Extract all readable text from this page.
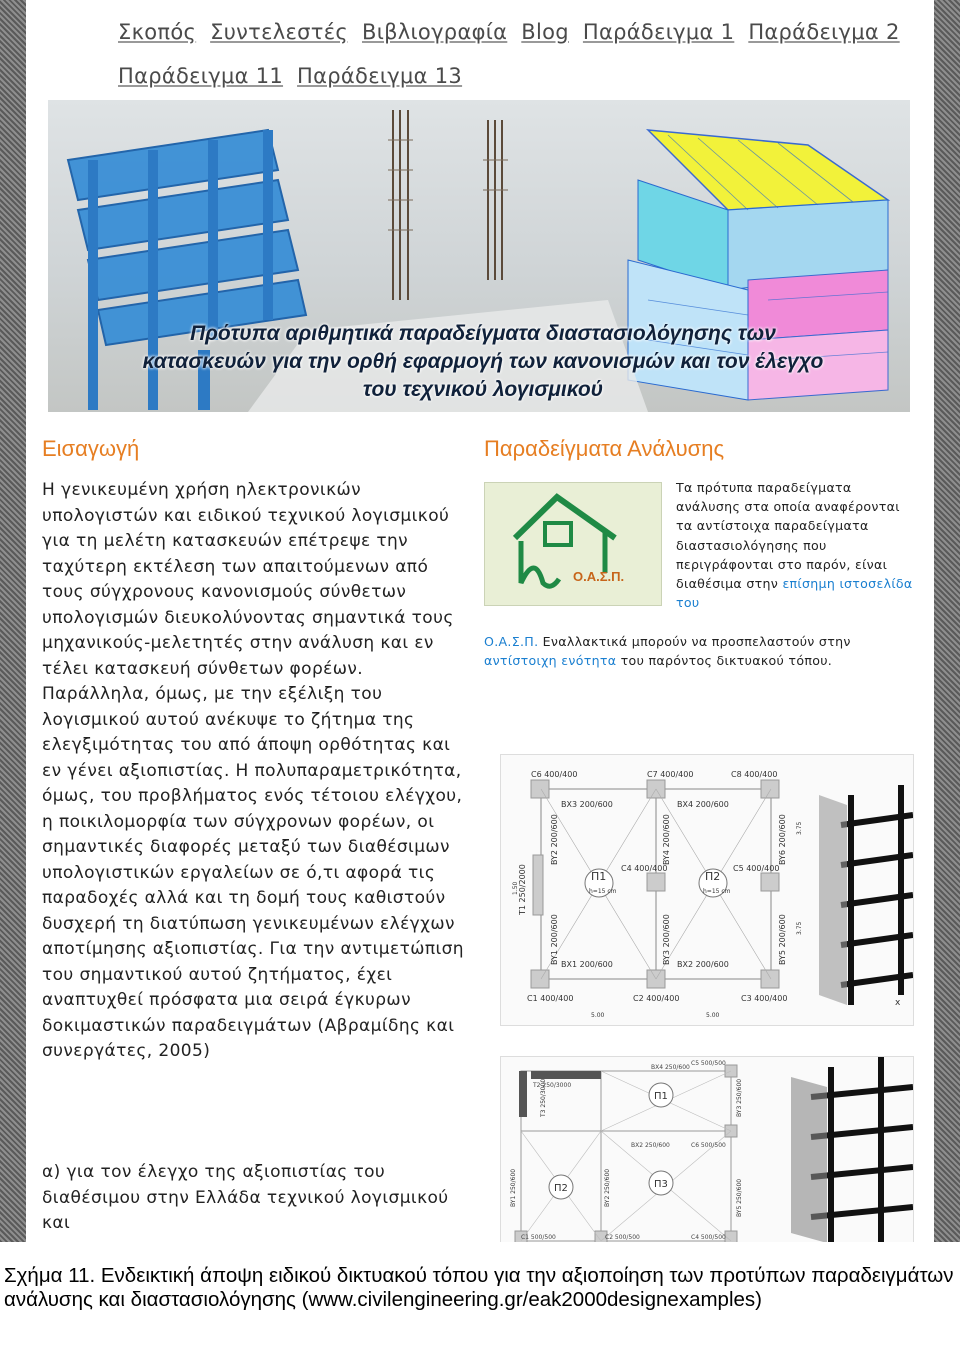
Σκοπός Συντελεστές Βιβλιογραφία Blog Παράδειγμα 1 Παράδειγμα 2
Παράδειγμα 11 Παράδειγμα 13
Πρότυπα αριθμητικά παραδείγματα διαστασιολόγησης των κατασκευών για την ορθή εφαρμογή των κανονισμών και τον έλεγχο του τεχνικού λογισμικού
Εισαγωγή
Η γενικευμένη χρήση ηλεκτρονικών υπολογιστών και ειδικού τεχνικού λογισμικού για τη μελέτη κατασκευών επέτρεψε την ταχύτερη εκτέλεση των απαιτούμενων από τους σύγχρονους κανονισμούς σύνθετων υπολογισμών διευκολύνοντας σημαντικά τους μηχανικούς-μελετητές στην ανάλυση και εν τέλει κατασκευή σύνθετων φορέων. Παράλληλα, όμως, με την εξέλιξη του λογισμικού αυτού ανέκυψε το ζήτημα της ελεγξιμότητας του από άποψη ορθότητας και εν γένει αξιοπιστίας. Η πολυπαραμετρικότητα, όμως, του προβλήματος ενός τέτοιου ελέγχου, η ποικιλομορφία των σύγχρονων φορέων, οι σημαντικές διαφορές μεταξύ των διαθέσιμων υπολογιστικών εργαλείων σε ό,τι αφορά τις παραδοχές αλλά και τη δομή τους καθιστούν δυσχερή τη διατύπωση γενικευμένων ελέγχων αποτίμησης αξιοπιστίας. Για την αντιμετώπιση του σημαντικού αυτού ζητήματος, έχει αναπτυχθεί πρόσφατα μια σειρά έγκυρων δοκιμαστικών παραδειγμάτων (Αβραμίδης και συνεργάτες, 2005)
α) για τον έλεγχο της αξιοπιστίας του διαθέσιμου στην Ελλάδα τεχνικού λογισμικού και
Παραδείγματα Ανάλυσης
Ο.Α.Σ.Π.
Τα πρότυπα παραδείγματα ανάλυσης στα οποία αναφέρονται τα αντίστοιχα παραδείγματα διαστασιολόγησης που περιγράφονται στο παρόν, είναι διαθέσιμα στην επίσημη ιστοσελίδα του
Ο.Α.Σ.Π. Εναλλακτικά μπορούν να προσπελαστούν στην αντίστοιχη ενότητα του παρόντος δικτυακού τόπου.
C6 400/400	C7 400/400	C8 400/400
C4 400/400	C5 400/400
C1 400/400	C2 400/400	C3 400/400
BX3 200/600	BX4 200/600
BX1 200/600	BX2 200/600
Π1	Π2
h=15 cm	h=15 cm
5.00	5.00
BY2 200/600	BY4 200/600	BY6 200/600
BY1 200/600	BY3 200/600	BY5 200/600
T1 250/2000
1.50
3.75
3.75
x
Π1
Π2	Π3
T2 250/3000
BX4 250/600
C5 500/500
C6 500/500
BX2 250/600
C1 500/500	C2 500/500	C4 500/500
T3 250/3000
BY1 250/600	BY2 250/600
BY3 250/600
BY5 250/600
Σχήμα 11. Ενδεικτική άποψη ειδικού δικτυακού τόπου για την αξιοποίηση των προτύπων παραδειγμάτων ανάλυσης και διαστασιολόγησης (www.civilengineering.gr/eak2000designexamples)
